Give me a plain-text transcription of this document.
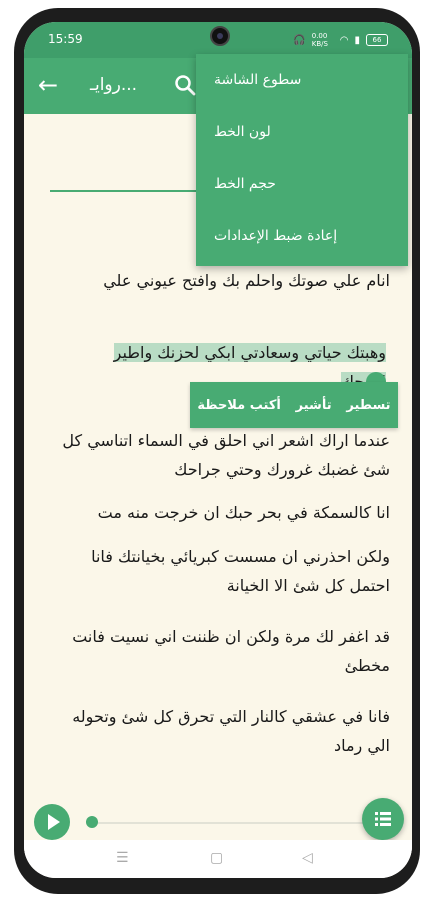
15:59	🎧 0.00 KB/S	◠ ▮	66
← روايـ...
انام علي صوتك واحلم بك وافتح عيوني علي
وهبتك حياتي وسعادتي ابكي لحزنك واطير
عندما اراك اشعر اني احلق في السماء اتناسي كل شئ غضبك غرورك وحتي جراحك
انا كالسمكة في بحر حبك ان خرجت منه مت
ولكن احذرني ان مسست كبريائي بخيانتك فانا احتمل كل شئ الا الخيانة
قد اغفر لك مرة ولكن ان ظننت اني نسيت فانت مخطئ
فانا في عشقي كالنار التي تحرق كل شئ وتحوله الي رماد
تسطير
تأشير
أكتب ملاحظة
سطوع الشاشة
لون الخط
حجم الخط
إعادة ضبط الإعدادات
☰	▢	◁
